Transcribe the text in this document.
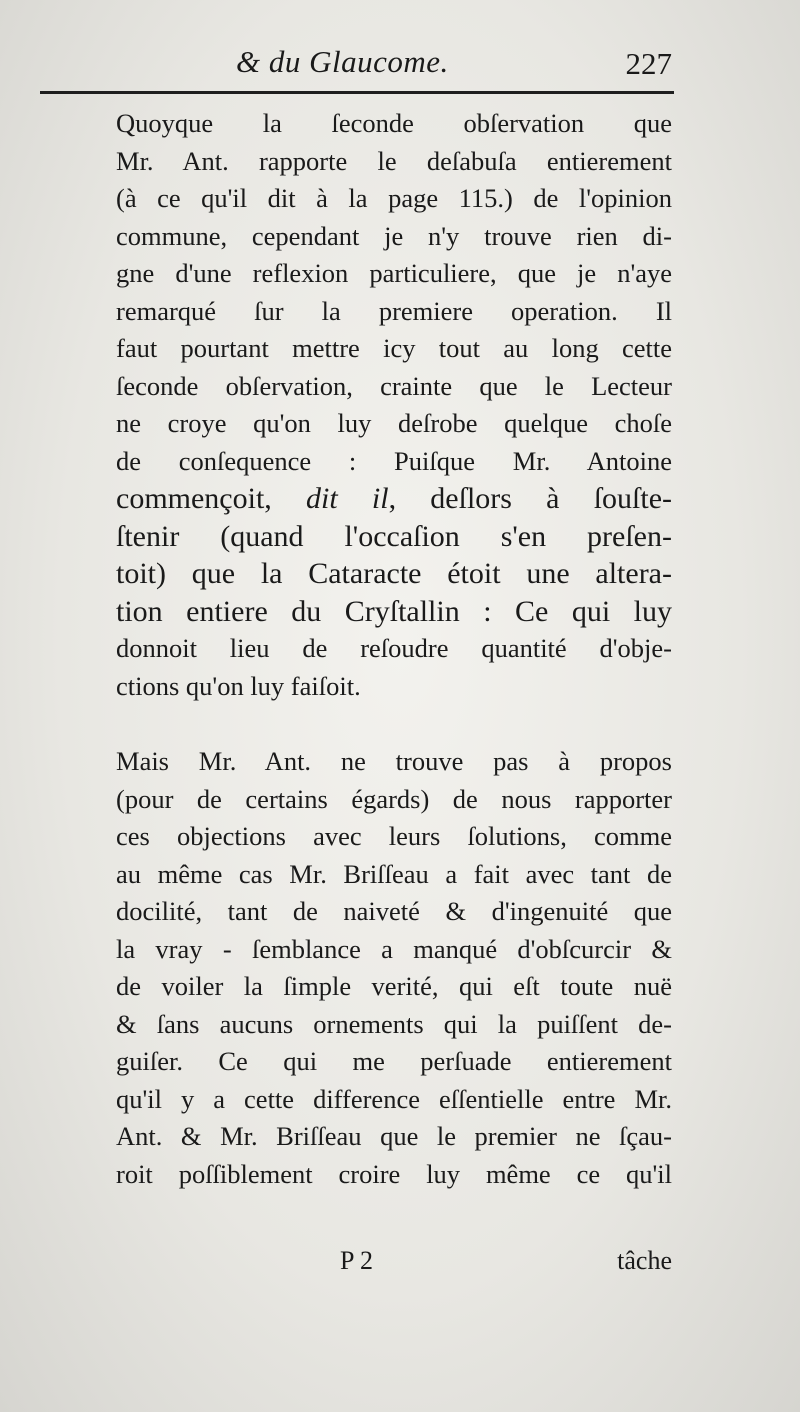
& du Glaucome.	227

Quoyque la ſeconde obſervation que
Mr. Ant. rapporte le deſabuſa entierement
(à ce qu'il dit à la page 115.) de l'opinion
commune, cependant je n'y trouve rien di-
gne d'une reflexion particuliere, que je n'aye
remarqué ſur la premiere operation. Il
faut pourtant mettre icy tout au long cette
ſeconde obſervation, crainte que le Lecteur
ne croye qu'on luy deſrobe quelque choſe
de conſequence : Puiſque Mr. Antoine
commençoit, dit il, deſlors à ſouſte-
ſtenir (quand l'occaſion s'en preſen-
toit) que la Cataracte étoit une altera-
tion entiere du Cryſtallin : Ce qui luy
donnoit lieu de reſoudre quantité d'obje-
ctions qu'on luy faiſoit.

Mais Mr. Ant. ne trouve pas à propos
(pour de certains égards) de nous rapporter
ces objections avec leurs ſolutions, comme
au même cas Mr. Briſſeau a fait avec tant de
docilité, tant de naiveté & d'ingenuité que
la vray - ſemblance a manqué d'obſcurcir &
de voiler la ſimple verité, qui eſt toute nuë
& ſans aucuns ornements qui la puiſſent de-
guiſer. Ce qui me perſuade entierement
qu'il y a cette difference eſſentielle entre Mr.
Ant. & Mr. Briſſeau que le premier ne ſçau-
roit poſſiblement croire luy même ce qu'il

P 2	tâche
